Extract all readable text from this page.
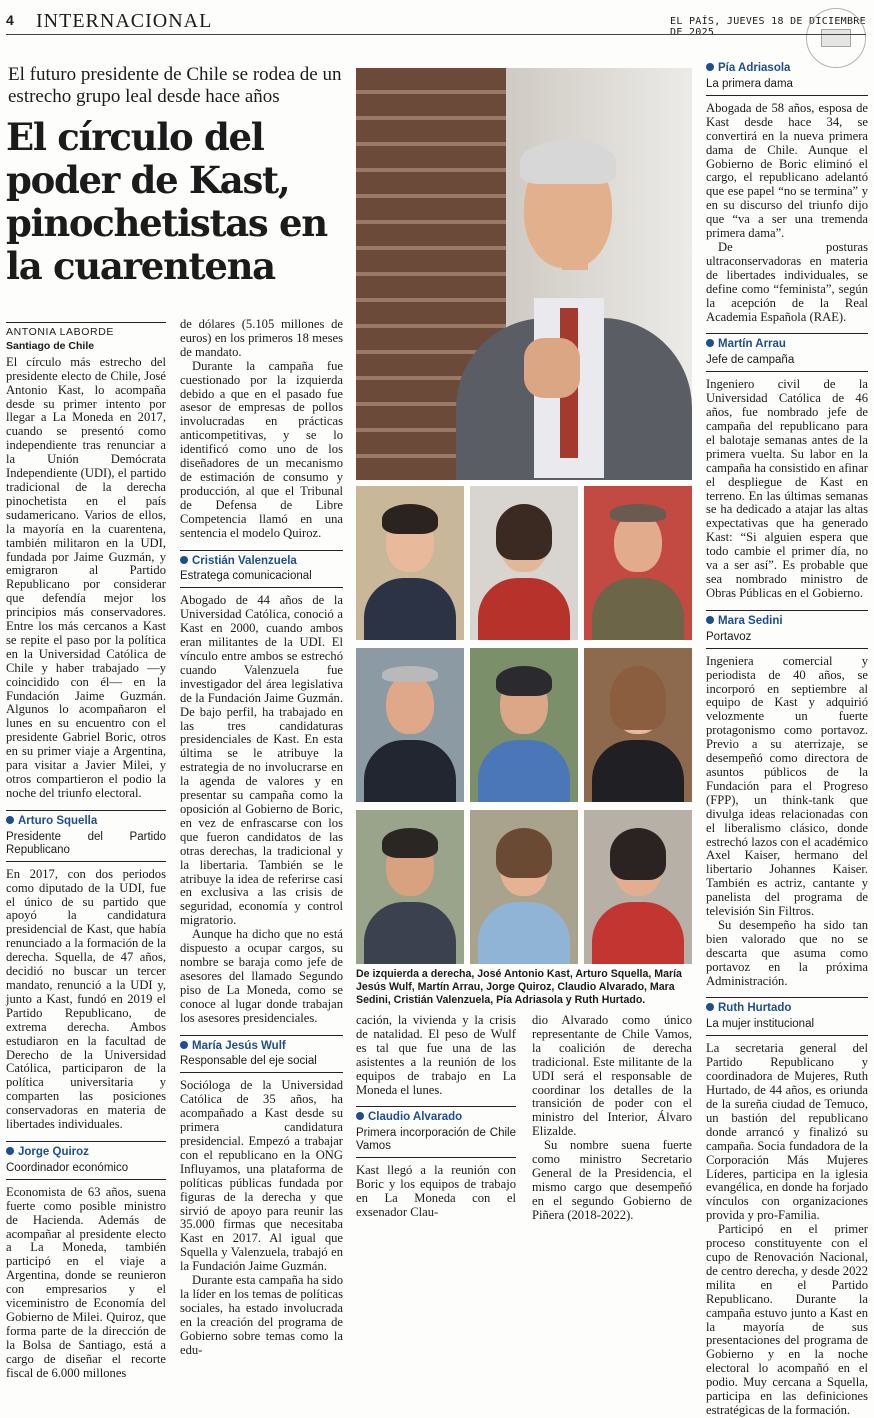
4 INTERNACIONAL	EL PAÍS, JUEVES 18 DE DICIEMBRE DE 2025
El futuro presidente de Chile se rodea de un estrecho grupo leal desde hace años
El círculo del poder de Kast, pinochetistas en la cuarentena
ANTONIA LABORDE
Santiago de Chile

El círculo más estrecho del presidente electo de Chile, José Antonio Kast, lo acompaña desde su primer intento por llegar a La Moneda en 2017, cuando se presentó como independiente tras renunciar a la Unión Demócrata Independiente (UDI), el partido tradicional de la derecha pinochetista en el país sudamericano. Varios de ellos, la mayoría en la cuarentena, también militaron en la UDI, fundada por Jaime Guzmán, y emigraron al Partido Republicano por considerar que defendía mejor los principios más conservadores. Entre los más cercanos a Kast se repite el paso por la política en la Universidad Católica de Chile y haber trabajado —y coincidido con él— en la Fundación Jaime Guzmán. Algunos lo acompañaron el lunes en su encuentro con el presidente Gabriel Boric, otros en su primer viaje a Argentina, para visitar a Javier Milei, y otros compartieron el podio la noche del triunfo electoral.

Arturo Squella
Presidente del Partido Republicano

En 2017, con dos periodos como diputado de la UDI, fue el único de su partido que apoyó la candidatura presidencial de Kast, que había renunciado a la formación de la derecha. Squella, de 47 años, decidió no buscar un tercer mandato, renunció a la UDI y, junto a Kast, fundó en 2019 el Partido Republicano, de extrema derecha. Ambos estudiaron en la facultad de Derecho de la Universidad Católica, participaron de la política universitaria y comparten las posiciones conservadoras en materia de libertades individuales.

Jorge Quiroz
Coordinador económico

Economista de 63 años, suena fuerte como posible ministro de Hacienda. Además de acompañar al presidente electo a La Moneda, también participó en el viaje a Argentina, donde se reunieron con empresarios y el viceministro de Economía del Gobierno de Milei. Quiroz, que forma parte de la dirección de la Bolsa de Santiago, está a cargo de diseñar el recorte fiscal de 6.000 millones

de dólares (5.105 millones de euros) en los primeros 18 meses de mandato.

Durante la campaña fue cuestionado por la izquierda debido a que en el pasado fue asesor de empresas de pollos involucradas en prácticas anticompetitivas, y se lo identificó como uno de los diseñadores de un mecanismo de estimación de consumo y producción, al que el Tribunal de Defensa de Libre Competencia llamó en una sentencia el modelo Quiroz.

Cristián Valenzuela
Estratega comunicacional

Abogado de 44 años de la Universidad Católica, conoció a Kast en 2000, cuando ambos eran militantes de la UDI. El vínculo entre ambos se estrechó cuando Valenzuela fue investigador del área legislativa de la Fundación Jaime Guzmán. De bajo perfil, ha trabajado en las tres candidaturas presidenciales de Kast. En esta última se le atribuye la estrategia de no involucrarse en la agenda de valores y en presentar su campaña como la oposición al Gobierno de Boric, en vez de enfrascarse con los que fueron candidatos de las otras derechas, la tradicional y la libertaria. También se le atribuye la idea de referirse casi en exclusiva a las crisis de seguridad, economía y control migratorio.

Aunque ha dicho que no está dispuesto a ocupar cargos, su nombre se baraja como jefe de asesores del llamado Segundo piso de La Moneda, como se conoce al lugar donde trabajan los asesores presidenciales.

María Jesús Wulf
Responsable del eje social

Socióloga de la Universidad Católica de 35 años, ha acompañado a Kast desde su primera candidatura presidencial. Empezó a trabajar con el republicano en la ONG Influyamos, una plataforma de políticas públicas fundada por figuras de la derecha y que sirvió de apoyo para reunir las 35.000 firmas que necesitaba Kast en 2017. Al igual que Squella y Valenzuela, trabajó en la Fundación Jaime Guzmán.

Durante esta campaña ha sido la líder en los temas de políticas sociales, ha estado involucrada en la creación del programa de Gobierno sobre temas como la edu-

De izquierda a derecha, José Antonio Kast, Arturo Squella, María Jesús Wulf, Martín Arrau, Jorge Quiroz, Claudio Alvarado, Mara Sedini, Cristián Valenzuela, Pía Adriasola y Ruth Hurtado.

cación, la vivienda y la crisis de natalidad. El peso de Wulf es tal que fue una de las asistentes a la reunión de los equipos de trabajo en La Moneda el lunes.

Claudio Alvarado
Primera incorporación de Chile Vamos

Kast llegó a la reunión con Boric y los equipos de trabajo en La Moneda con el exsenador Clau-

dio Alvarado como único representante de Chile Vamos, la coalición de derecha tradicional. Este militante de la UDI será el responsable de coordinar los detalles de la transición de poder con el ministro del Interior, Álvaro Elizalde.

Su nombre suena fuerte como ministro Secretario General de la Presidencia, el mismo cargo que desempeñó en el segundo Gobierno de Piñera (2018-2022).

Pía Adriasola
La primera dama

Abogada de 58 años, esposa de Kast desde hace 34, se convertirá en la nueva primera dama de Chile. Aunque el Gobierno de Boric eliminó el cargo, el republicano adelantó que ese papel “no se termina” y en su discurso del triunfo dijo que “va a ser una tremenda primera dama”.

De posturas ultraconservadoras en materia de libertades individuales, se define como “feminista”, según la acepción de la Real Academia Española (RAE).

Martín Arrau
Jefe de campaña

Ingeniero civil de la Universidad Católica de 46 años, fue nombrado jefe de campaña del republicano para el balotaje semanas antes de la primera vuelta. Su labor en la campaña ha consistido en afinar el despliegue de Kast en terreno. En las últimas semanas se ha dedicado a atajar las altas expectativas que ha generado Kast: “Si alguien espera que todo cambie el primer día, no va a ser así”. Es probable que sea nombrado ministro de Obras Públicas en el Gobierno.

Mara Sedini
Portavoz

Ingeniera comercial y periodista de 40 años, se incorporó en septiembre al equipo de Kast y adquirió velozmente un fuerte protagonismo como portavoz. Previo a su aterrizaje, se desempeñó como directora de asuntos públicos de la Fundación para el Progreso (FPP), un think-tank que divulga ideas relacionadas con el liberalismo clásico, donde estrechó lazos con el académico Axel Kaiser, hermano del libertario Johannes Kaiser. También es actriz, cantante y panelista del programa de televisión Sin Filtros.

Su desempeño ha sido tan bien valorado que no se descarta que asuma como portavoz en la próxima Administración.

Ruth Hurtado
La mujer institucional

La secretaria general del Partido Republicano y coordinadora de Mujeres, Ruth Hurtado, de 44 años, es oriunda de la sureña ciudad de Temuco, un bastión del republicano donde arrancó y finalizó su campaña. Socia fundadora de la Corporación Más Mujeres Líderes, participa en la iglesia evangélica, en donde ha forjado vínculos con organizaciones provida y pro-Familia.

Participó en el primer proceso constituyente con el cupo de Renovación Nacional, de centro derecha, y desde 2022 milita en el Partido Republicano. Durante la campaña estuvo junto a Kast en la mayoría de sus presentaciones del programa de Gobierno y en la noche electoral lo acompañó en el podio. Muy cercana a Squella, participa en las definiciones estratégicas de la formación.
